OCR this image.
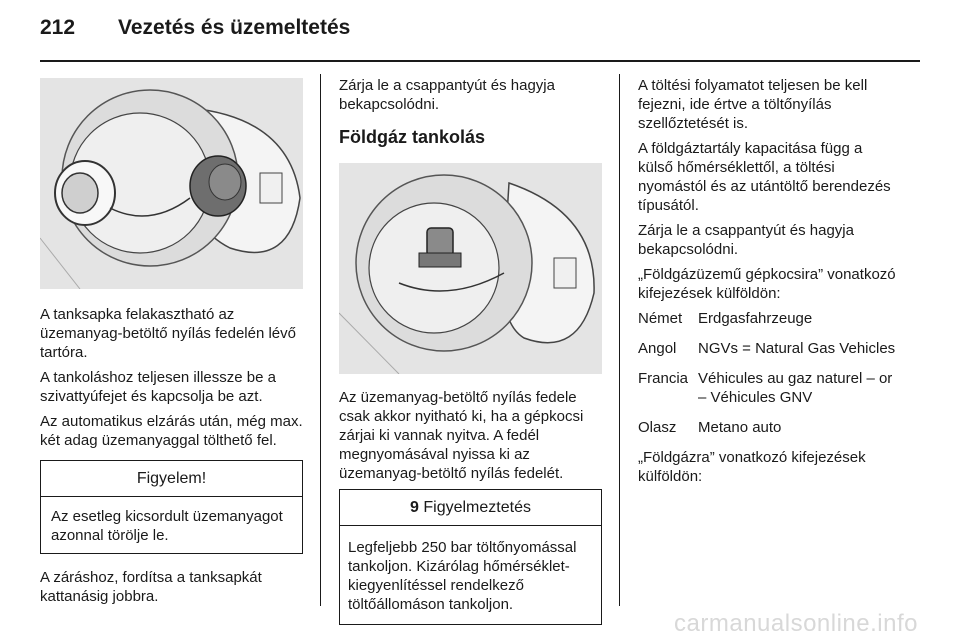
212	Vezetés és üzemeltetés

A tanksapka felakasztható az üzemanyag-betöltő nyílás fedelén lévő tartóra.

A tankoláshoz teljesen illessze be a szivattyúfejet és kapcsolja be azt.

Az automatikus elzárás után, még max. két adag üzemanyaggal tölthető fel.

Figyelem!
Az esetleg kicsordult üzemanyagot azonnal törölje le.

A záráshoz, fordítsa a tanksapkát kattanásig jobbra.

Zárja le a csappantyút és hagyja bekapcsolódni.

Földgáz tankolás

Az üzemanyag-betöltő nyílás fedele csak akkor nyitható ki, ha a gépkocsi zárjai ki vannak nyitva. A fedél megnyomásával nyissa ki az üzemanyag-betöltő nyílás fedelét.

9 Figyelmeztetés
Legfeljebb 250 bar töltőnyomással tankoljon. Kizárólag hőmérséklet-kiegyenlítéssel rendelkező töltőállomáson tankoljon.

A töltési folyamatot teljesen be kell fejezni, ide értve a töltőnyílás szellőztetését is.

A földgáztartály kapacitása függ a külső hőmérséklettől, a töltési nyomástól és az utántöltő berendezés típusától.

Zárja le a csappantyút és hagyja bekapcsolódni.

„Földgázüzemű gépkocsira” vonatkozó kifejezések külföldön:

Német	Erdgasfahrzeuge
Angol	NGVs = Natural Gas Vehicles
Francia	Véhicules au gaz naturel – or – Véhicules GNV
Olasz	Metano auto

„Földgázra” vonatkozó kifejezések külföldön:

carmanualsonline.info
